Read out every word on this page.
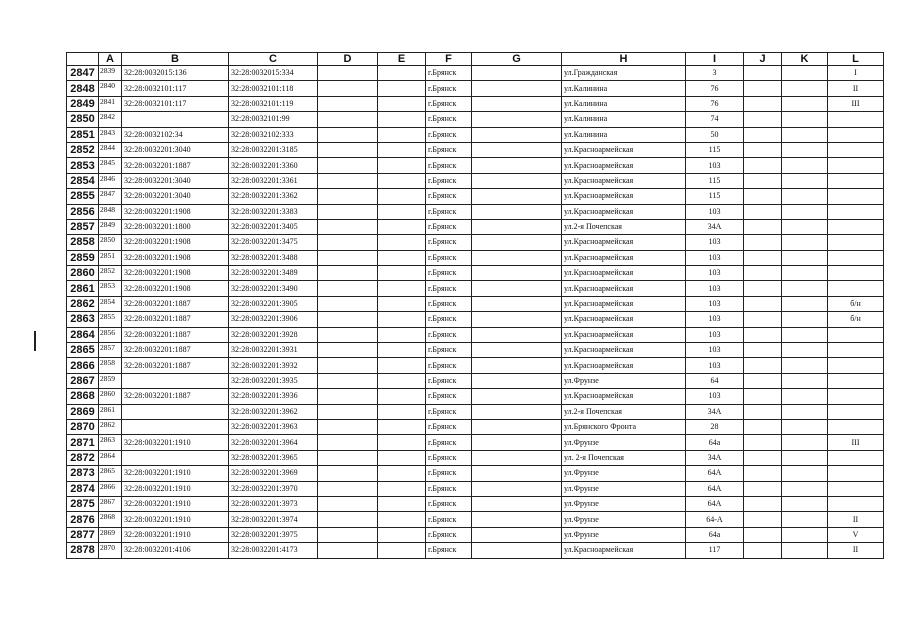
	A	B	C	D	E	F	G	H	I	J	K	L
2847	2839	32:28:0032015:136	32:28:0032015:334			г.Брянск		ул.Гражданская	3			I
2848	2840	32:28:0032101:117	32:28:0032101:118			г.Брянск		ул.Калинина	76			II
2849	2841	32:28:0032101:117	32:28:0032101:119			г.Брянск		ул.Калинина	76			III
2850	2842		32:28:0032101:99			г.Брянск		ул.Калинина	74			
2851	2843	32:28:0032102:34	32:28:0032102:333			г.Брянск		ул.Калинина	50			
2852	2844	32:28:0032201:3040	32:28:0032201:3185			г.Брянск		ул.Красноармейская	115			
2853	2845	32:28:0032201:1887	32:28:0032201:3360			г.Брянск		ул.Красноармейская	103			
2854	2846	32:28:0032201:3040	32:28:0032201:3361			г.Брянск		ул.Красноармейская	115			
2855	2847	32:28:0032201:3040	32:28:0032201:3362			г.Брянск		ул.Красноармейская	115			
2856	2848	32:28:0032201:1908	32:28:0032201:3383			г.Брянск		ул.Красноармейская	103			
2857	2849	32:28:0032201:1800	32:28:0032201:3405			г.Брянск		ул.2-я Почепская	34А			
2858	2850	32:28:0032201:1908	32:28:0032201:3475			г.Брянск		ул.Красноармейская	103			
2859	2851	32:28:0032201:1908	32:28:0032201:3488			г.Брянск		ул.Красноармейская	103			
2860	2852	32:28:0032201:1908	32:28:0032201:3489			г.Брянск		ул.Красноармейская	103			
2861	2853	32:28:0032201:1908	32:28:0032201:3490			г.Брянск		ул.Красноармейская	103			
2862	2854	32:28:0032201:1887	32:28:0032201:3905			г.Брянск		ул.Красноармейская	103			б/н
2863	2855	32:28:0032201:1887	32:28:0032201:3906			г.Брянск		ул.Красноармейская	103			б/н
2864	2856	32:28:0032201:1887	32:28:0032201:3928			г.Брянск		ул.Красноармейская	103			
2865	2857	32:28:0032201:1887	32:28:0032201:3931			г.Брянск		ул.Красноармейская	103			
2866	2858	32:28:0032201:1887	32:28:0032201:3932			г.Брянск		ул.Красноармейская	103			
2867	2859		32:28:0032201:3935			г.Брянск		ул.Фрунзе	64			
2868	2860	32:28:0032201:1887	32:28:0032201:3936			г.Брянск		ул.Красноармейская	103			
2869	2861		32:28:0032201:3962			г.Брянск		ул.2-я Почепская	34А			
2870	2862		32:28:0032201:3963			г.Брянск		ул.Брянского Фронта	28			
2871	2863	32:28:0032201:1910	32:28:0032201:3964			г.Брянск		ул.Фрунзе	64а			III
2872	2864		32:28:0032201:3965			г.Брянск		ул. 2-я Почепская	34А			
2873	2865	32:28:0032201:1910	32:28:0032201:3969			г.Брянск		ул.Фрунзе	64А			
2874	2866	32:28:0032201:1910	32:28:0032201:3970			г.Брянск		ул.Фрунзе	64А			
2875	2867	32:28:0032201:1910	32:28:0032201:3973			г.Брянск		ул.Фрунзе	64А			
2876	2868	32:28:0032201:1910	32:28:0032201:3974			г.Брянск		ул.Фрунзе	64-А			II
2877	2869	32:28:0032201:1910	32:28:0032201:3975			г.Брянск		ул.Фрунзе	64а			V
2878	2870	32:28:0032201:4106	32:28:0032201:4173			г.Брянск		ул.Красноармейская	117			II
